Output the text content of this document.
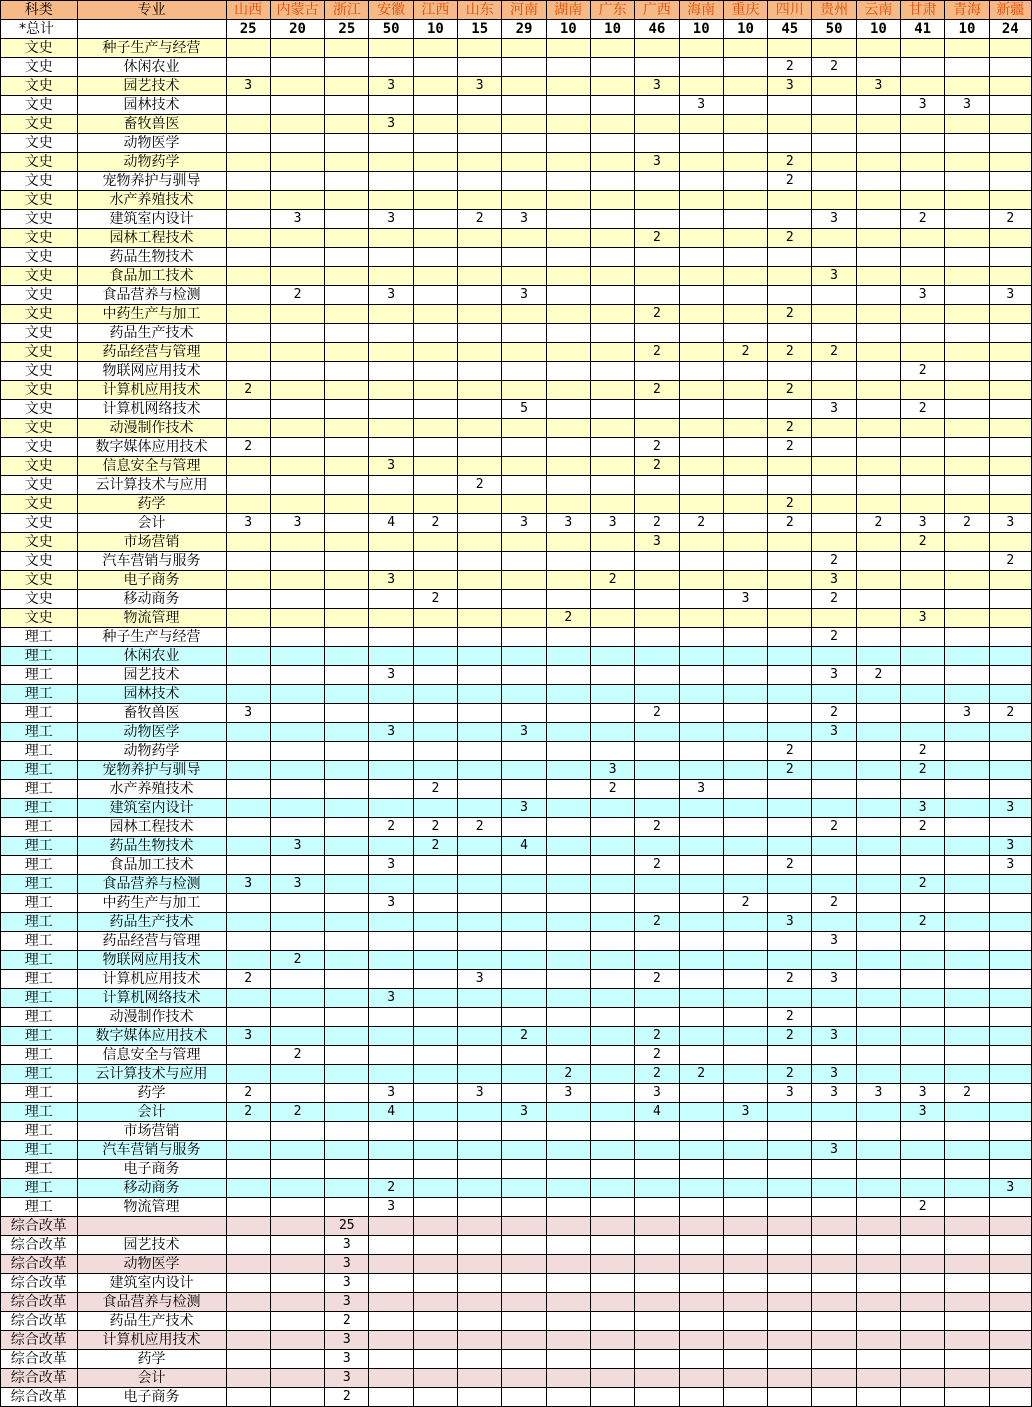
科类	专业	山西	内蒙古	浙江	安徽	江西	山东	河南	湖南	广东	广西	海南	重庆	四川	贵州	云南	甘肃	青海	新疆
*总计		25	20	25	50	10	15	29	10	10	46	10	10	45	50	10	41	10	24
文史	种子生产与经营																		
文史	休闲农业													2	2				
文史	园艺技术	3			3		3				3			3		3			
文史	园林技术											3					3	3	
文史	畜牧兽医				3														
文史	动物医学																		
文史	动物药学										3			2					
文史	宠物养护与驯导													2					
文史	水产养殖技术																		
文史	建筑室内设计		3		3		2	3							3		2		2
文史	园林工程技术										2			2					
文史	药品生物技术																		
文史	食品加工技术														3				
文史	食品营养与检测		2		3			3									3		3
文史	中药生产与加工										2			2					
文史	药品生产技术																		
文史	药品经营与管理										2		2	2	2				
文史	物联网应用技术																2		
文史	计算机应用技术	2									2			2					
文史	计算机网络技术							5							3		2		
文史	动漫制作技术													2					
文史	数字媒体应用技术	2									2			2					
文史	信息安全与管理				3						2								
文史	云计算技术与应用						2												
文史	药学													2					
文史	会计	3	3		4	2		3	3	3	2	2		2		2	3	2	3
文史	市场营销										3						2		
文史	汽车营销与服务														2				2
文史	电子商务				3					2					3				
文史	移动商务					2							3		2				
文史	物流管理								2								3		
理工	种子生产与经营														2				
理工	休闲农业																		
理工	园艺技术				3										3	2			
理工	园林技术																		
理工	畜牧兽医	3									2				2			3	2
理工	动物医学				3			3							3				
理工	动物药学													2			2		
理工	宠物养护与驯导									3				2			2		
理工	水产养殖技术					2				2		3							
理工	建筑室内设计							3									3		3
理工	园林工程技术				2	2	2				2				2		2		
理工	药品生物技术		3			2		4											3
理工	食品加工技术				3						2			2					3
理工	食品营养与检测	3	3														2		
理工	中药生产与加工				3								2		2				
理工	药品生产技术										2			3			2		
理工	药品经营与管理														3				
理工	物联网应用技术		2																
理工	计算机应用技术	2					3				2			2	3				
理工	计算机网络技术				3														
理工	动漫制作技术													2					
理工	数字媒体应用技术	3						2			2			2	3				
理工	信息安全与管理		2								2								
理工	云计算技术与应用								2		2	2		2	3				
理工	药学	2			3		3		3		3			3	3	3	3	2	
理工	会计	2	2		4			3			4		3				3		
理工	市场营销																		
理工	汽车营销与服务														3				
理工	电子商务																		
理工	移动商务				2														3
理工	物流管理				3												2		
综合改革				25															
综合改革	园艺技术			3															
综合改革	动物医学			3															
综合改革	建筑室内设计			3															
综合改革	食品营养与检测			3															
综合改革	药品生产技术			2															
综合改革	计算机应用技术			3															
综合改革	药学			3															
综合改革	会计			3															
综合改革	电子商务			2															
